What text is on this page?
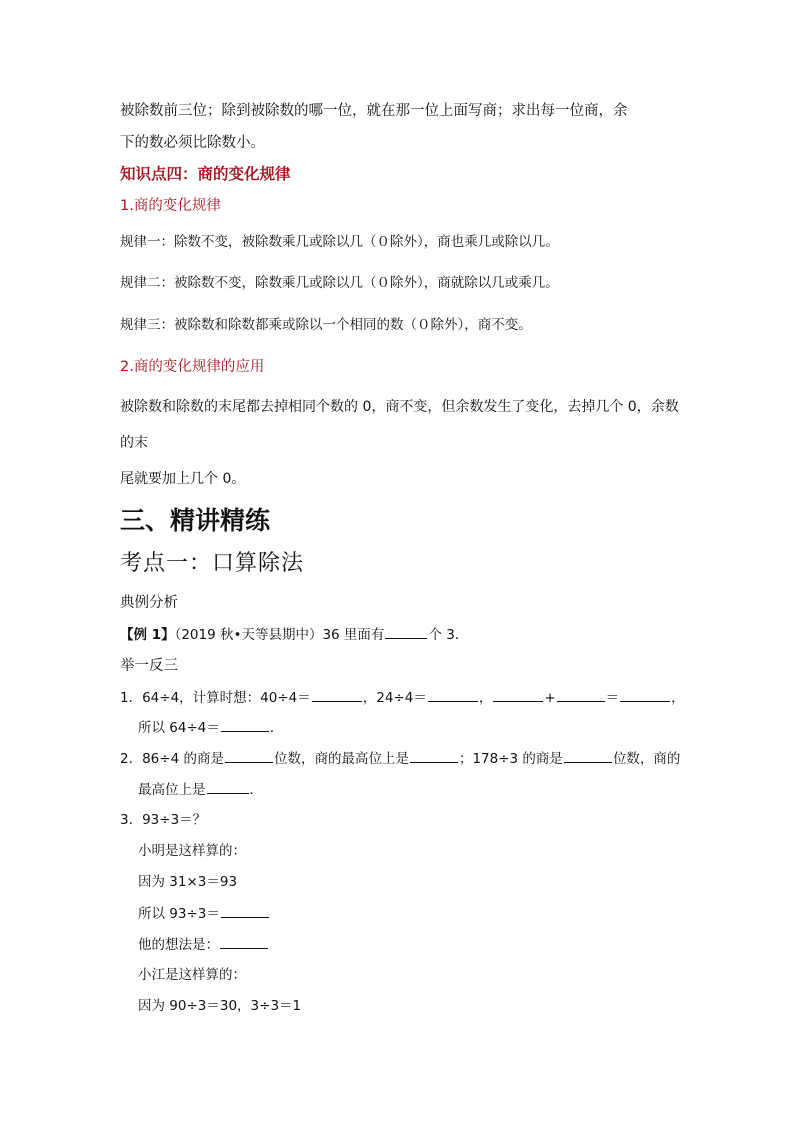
被除数前三位；除到被除数的哪一位，就在那一位上面写商；求出每一位商，余
下的数必须比除数小。
知识点四：商的变化规律
1.商的变化规律
规律一：除数不变，被除数乘几或除以几（０除外），商也乘几或除以几。
规律二：被除数不变，除数乘几或除以几（０除外），商就除以几或乘几。
规律三：被除数和除数都乘或除以一个相同的数（０除外），商不变。
2.商的变化规律的应用
被除数和除数的末尾都去掉相同个数的 0，商不变，但余数发生了变化，去掉几个 0，余数
的末
尾就要加上几个 0。
三、精讲精练
考点一：口算除法
典例分析
【例 1】（2019 秋•天等县期中）36 里面有	个 3．
举一反三
1．64÷4，计算时想：40÷4＝	，24÷4＝	，	+	＝	，
所以 64÷4＝	．
2．86÷4 的商是	位数，商的最高位上是	；178÷3 的商是	位数，商的
最高位上是	．
3．93÷3＝？
小明是这样算的：
因为 31×3＝93
所以 93÷3＝
他的想法是：
小江是这样算的：
因为 90÷3＝30，3÷3＝1
